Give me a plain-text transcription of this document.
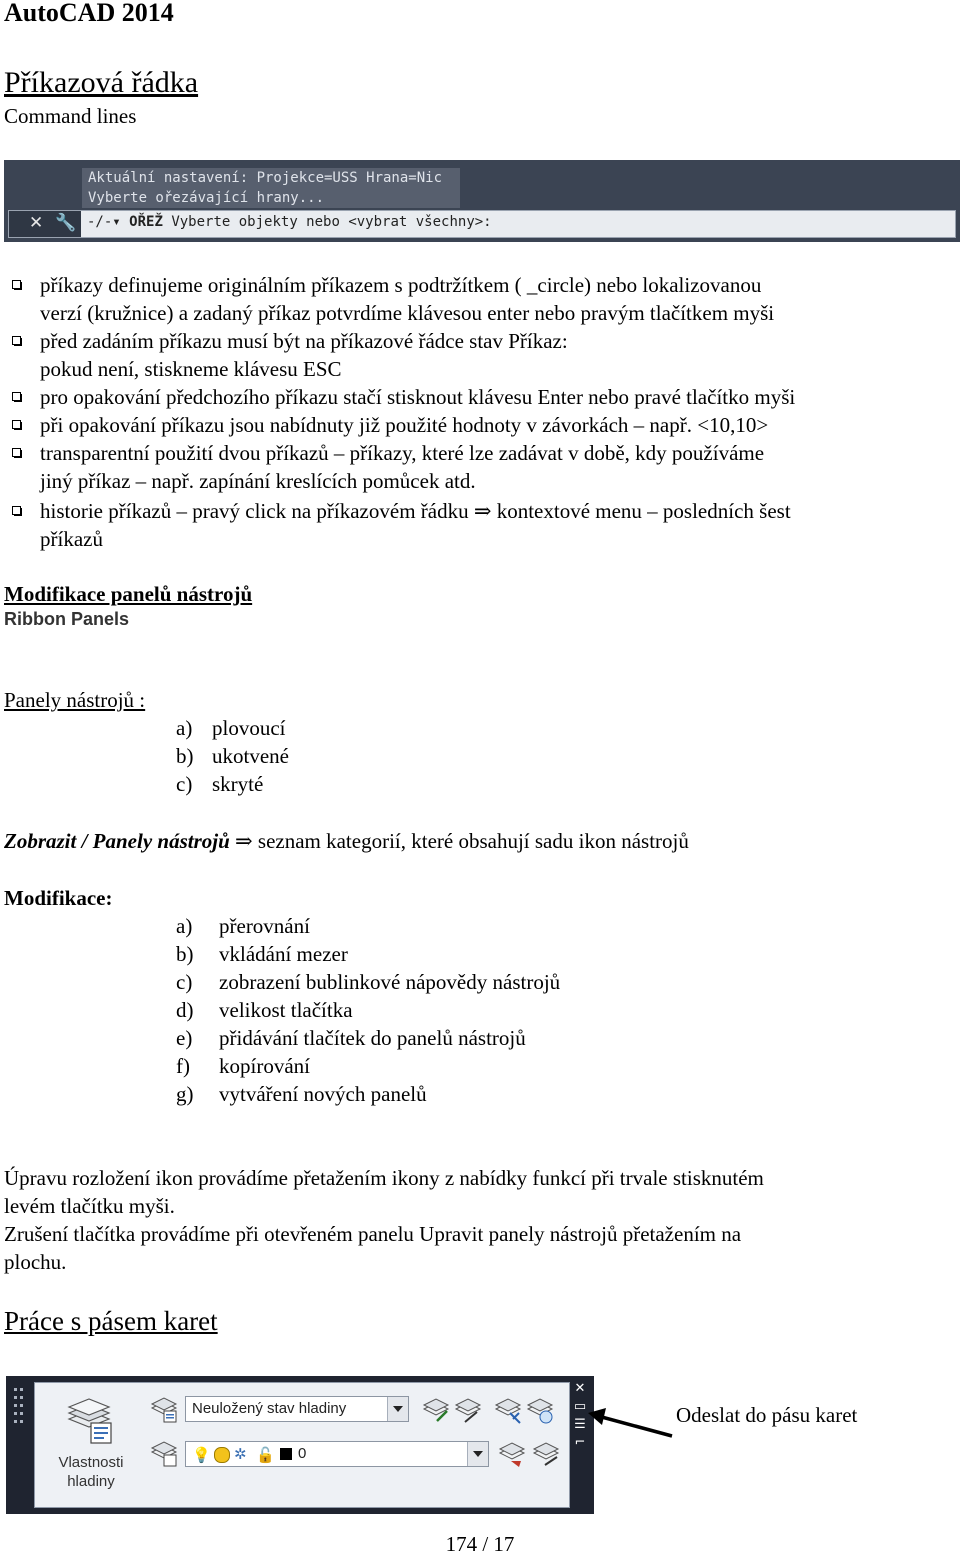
AutoCAD 2014
Příkazová řádka
Command lines
Aktuální nastavení: Projekce=USS Hrana=Nic
Vyberte ořezávající hrany...
✕ 🔧 -/-▾ OŘEŽ Vyberte objekty nebo <vybrat všechny>:
příkazy definujeme originálním příkazem s podtržítkem ( _circle) nebo lokalizovanou
verzí (kružnice) a zadaný příkaz potvrdíme klávesou enter nebo pravým tlačítkem myši
před zadáním příkazu musí být na příkazové řádce stav Příkaz:
pokud není, stiskneme klávesu ESC
pro opakování předchozího příkazu stačí stisknout klávesu Enter nebo pravé tlačítko myši
při opakování příkazu jsou nabídnuty již použité hodnoty v závorkách – např. <10,10>
transparentní použití dvou příkazů – příkazy, které lze zadávat v době, kdy používáme
jiný příkaz – např. zapínání kreslících pomůcek atd.
historie příkazů – pravý click na příkazovém řádku ⇒ kontextové menu – posledních šest
příkazů
Modifikace panelů nástrojů
Ribbon Panels
Panely nástrojů :
a) plovoucí
b) ukotvené
c) skryté
Zobrazit / Panely nástrojů ⇒ seznam kategorií, které obsahují sadu ikon nástrojů
Modifikace:
a) přerovnání
b) vkládání mezer
c) zobrazení bublinkové nápovědy nástrojů
d) velikost tlačítka
e) přidávání tlačítek do panelů nástrojů
f) kopírování
g) vytváření nových panelů
Úpravu rozložení ikon provádíme přetažením ikony z nabídky funkcí při trvale stisknutém
levém tlačítku myši.
Zrušení tlačítka provádíme při otevřeném panelu Upravit panely nástrojů přetažením na
plochu.
Práce s pásem karet
Vlastnosti
hladiny
Neuložený stav hladiny
💡 ✲ 🔓 0
✕
▭
☰
⌐
Odeslat do pásu karet
174 / 17
